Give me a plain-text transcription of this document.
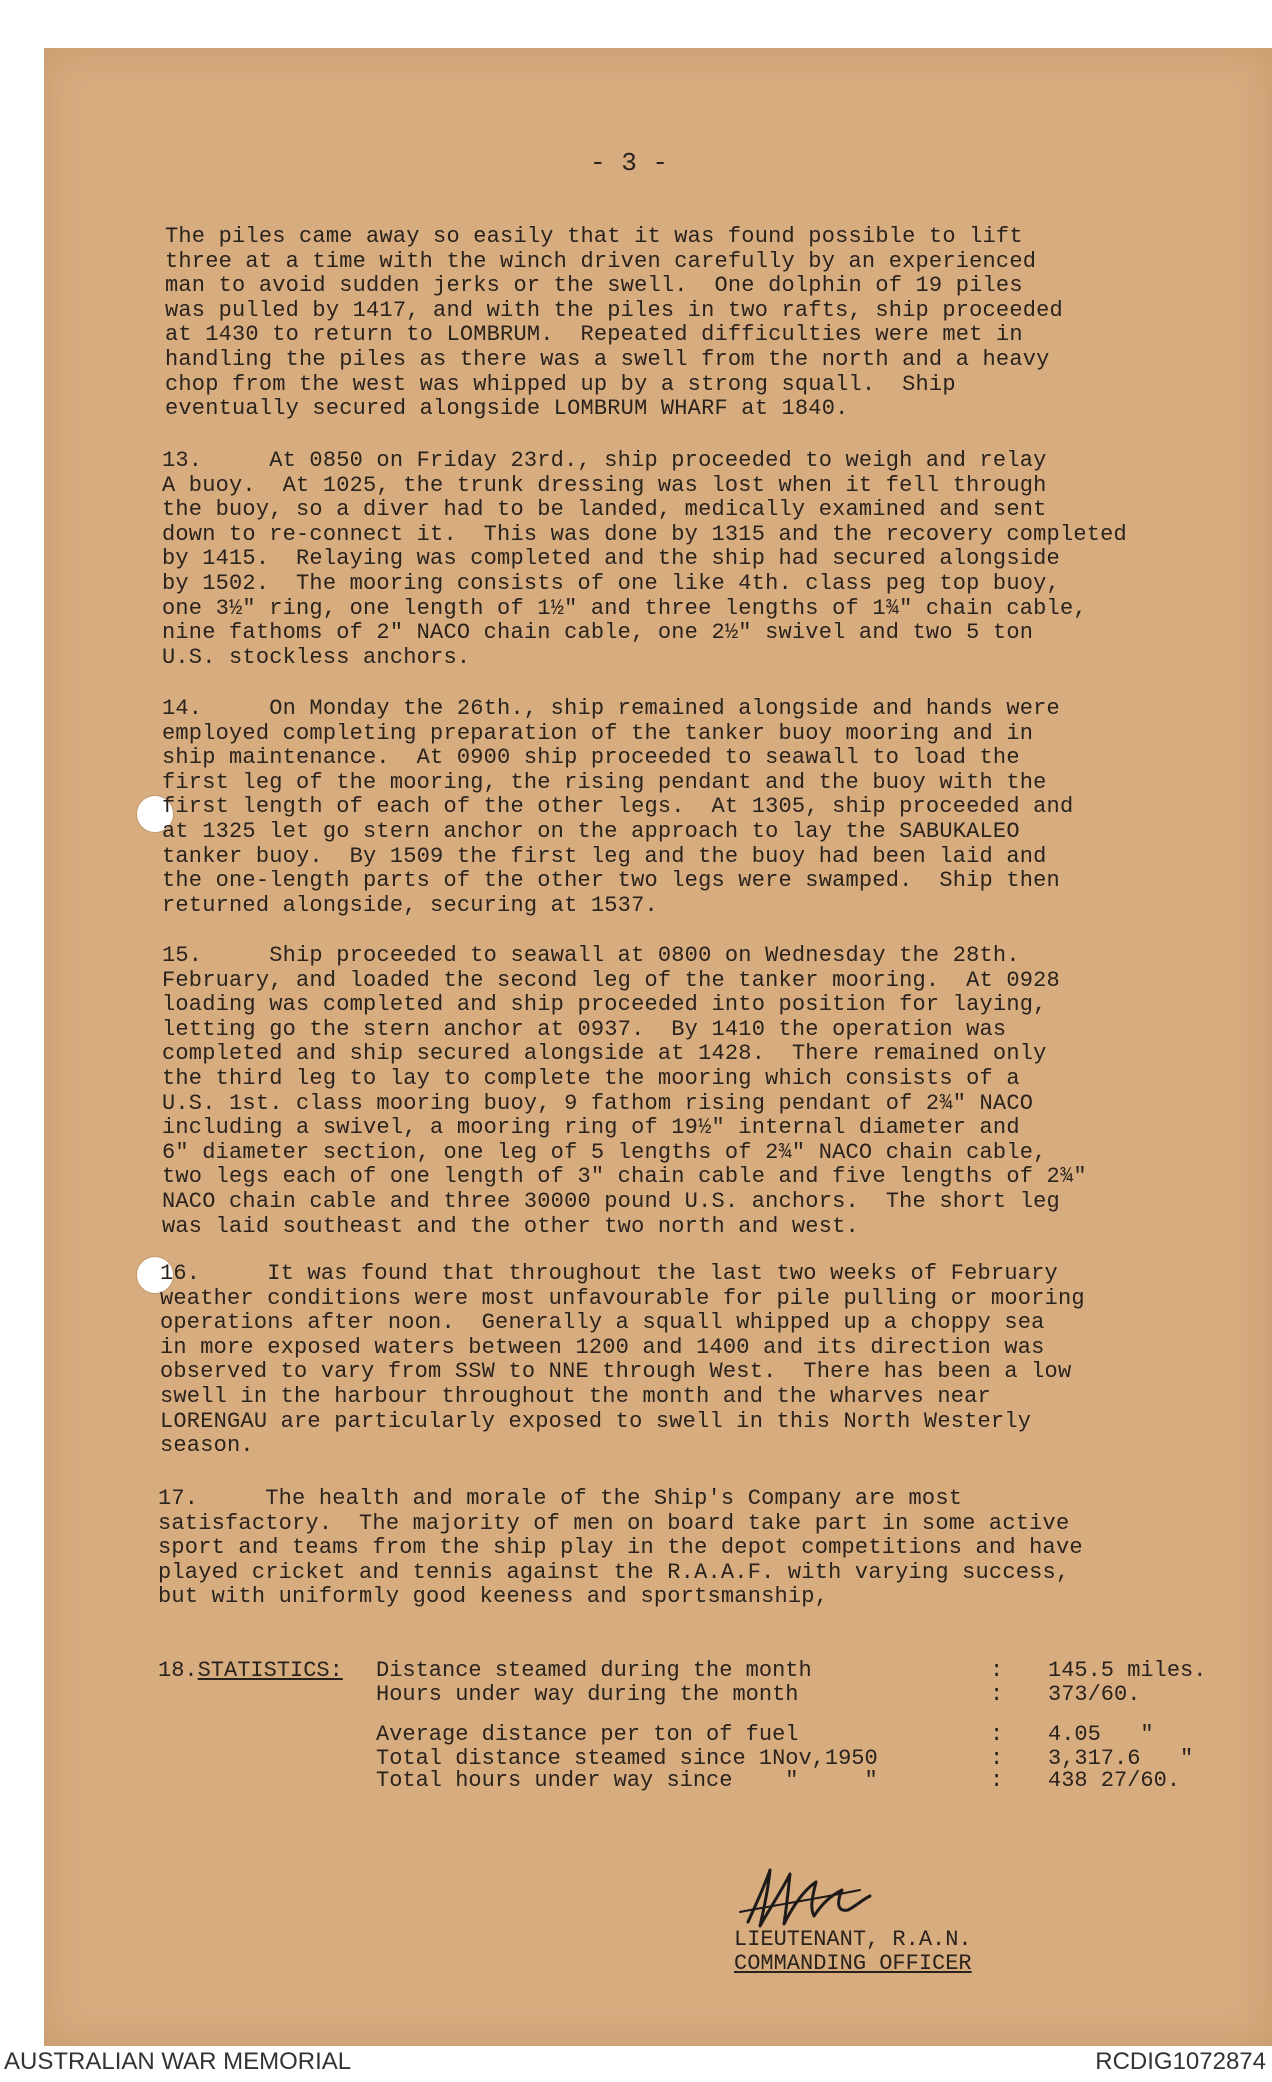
- 3 -
The piles came away so easily that it was found possible to lift
three at a time with the winch driven carefully by an experienced
man to avoid sudden jerks or the swell.  One dolphin of 19 piles
was pulled by 1417, and with the piles in two rafts, ship proceeded
at 1430 to return to LOMBRUM.  Repeated difficulties were met in
handling the piles as there was a swell from the north and a heavy
chop from the west was whipped up by a strong squall.  Ship
eventually secured alongside LOMBRUM WHARF at 1840.
13.     At 0850 on Friday 23rd., ship proceeded to weigh and relay
A buoy.  At 1025, the trunk dressing was lost when it fell through
the buoy, so a diver had to be landed, medically examined and sent
down to re-connect it.  This was done by 1315 and the recovery completed
by 1415.  Relaying was completed and the ship had secured alongside
by 1502.  The mooring consists of one like 4th. class peg top buoy,
one 3½" ring, one length of 1½" and three lengths of 1¾" chain cable,
nine fathoms of 2" NACO chain cable, one 2½" swivel and two 5 ton
U.S. stockless anchors.
14.     On Monday the 26th., ship remained alongside and hands were
employed completing preparation of the tanker buoy mooring and in
ship maintenance.  At 0900 ship proceeded to seawall to load the
first leg of the mooring, the rising pendant and the buoy with the
first length of each of the other legs.  At 1305, ship proceeded and
at 1325 let go stern anchor on the approach to lay the SABUKALEO
tanker buoy.  By 1509 the first leg and the buoy had been laid and
the one-length parts of the other two legs were swamped.  Ship then
returned alongside, securing at 1537.
15.     Ship proceeded to seawall at 0800 on Wednesday the 28th.
February, and loaded the second leg of the tanker mooring.  At 0928
loading was completed and ship proceeded into position for laying,
letting go the stern anchor at 0937.  By 1410 the operation was
completed and ship secured alongside at 1428.  There remained only
the third leg to lay to complete the mooring which consists of a
U.S. 1st. class mooring buoy, 9 fathom rising pendant of 2¾" NACO
including a swivel, a mooring ring of 19½" internal diameter and
6" diameter section, one leg of 5 lengths of 2¾" NACO chain cable,
two legs each of one length of 3" chain cable and five lengths of 2¾"
NACO chain cable and three 30000 pound U.S. anchors.  The short leg
was laid southeast and the other two north and west.
16.     It was found that throughout the last two weeks of February
weather conditions were most unfavourable for pile pulling or mooring
operations after noon.  Generally a squall whipped up a choppy sea
in more exposed waters between 1200 and 1400 and its direction was
observed to vary from SSW to NNE through West.  There has been a low
swell in the harbour throughout the month and the wharves near
LORENGAU are particularly exposed to swell in this North Westerly
season.
17.     The health and morale of the Ship's Company are most
satisfactory.  The majority of men on board take part in some active
sport and teams from the ship play in the depot competitions and have
played cricket and tennis against the R.A.A.F. with varying success,
but with uniformly good keeness and sportsmanship,
18.STATISTICS: Distance steamed during the month	: 145.5 miles.
Hours under way during the month	: 373/60.
Average distance per ton of fuel	: 4.05   "
Total distance steamed since 1Nov,1950	: 3,317.6   "
Total hours under way since    "     "	: 438 27/60.
LIEUTENANT, R.A.N.
COMMANDING OFFICER
AUSTRALIAN WAR MEMORIAL	RCDIG1072874
